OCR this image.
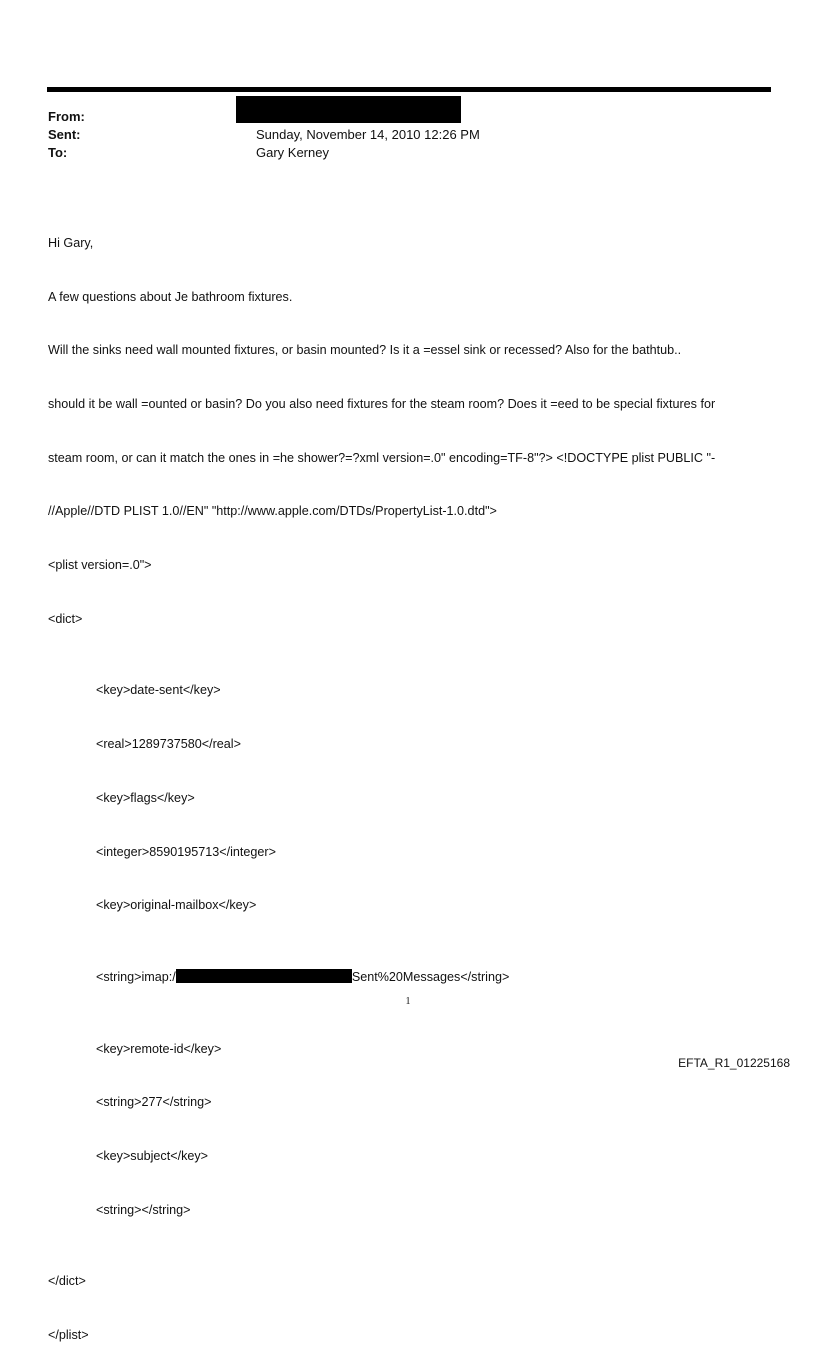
From:
Sent:	Sunday, November 14, 2010 12:26 PM
To:	Gary Kerney

Hi Gary,

A few questions about Je bathroom fixtures.

Will the sinks need wall mounted fixtures, or basin mounted? Is it a =essel sink or recessed? Also for the bathtub..

should it be wall =ounted or basin? Do you also need fixtures for the steam room? Does it =eed to be special fixtures for

steam room, or can it match the ones in =he shower?=?xml version=.0" encoding=TF-8"?> <!DOCTYPE plist PUBLIC "-

//Apple//DTD PLIST 1.0//EN" "http://www.apple.com/DTDs/PropertyList-1.0.dtd">

<plist version=.0">

<dict>

<key>date-sent</key>

<real>1289737580</real>

<key>flags</key>

<integer>8590195713</integer>

<key>original-mailbox</key>

<string>imap:/	Sent%20Messages</string>

<key>remote-id</key>

<string>277</string>

<key>subject</key>

<string></string>

</dict>

</plist>

1
EFTA_R1_01225168
